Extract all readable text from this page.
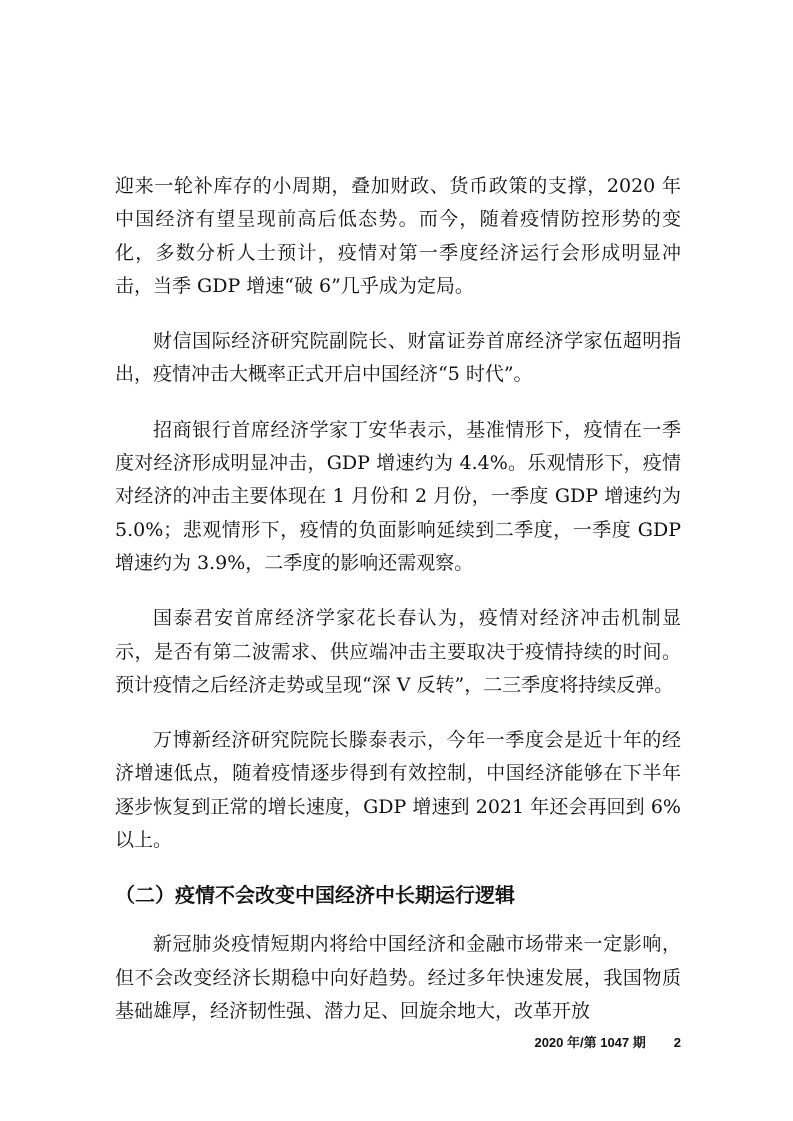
迎来一轮补库存的小周期，叠加财政、货币政策的支撑，2020 年中国经济有望呈现前高后低态势。而今，随着疫情防控形势的变化，多数分析人士预计，疫情对第一季度经济运行会形成明显冲击，当季 GDP 增速“破 6”几乎成为定局。

财信国际经济研究院副院长、财富证券首席经济学家伍超明指出，疫情冲击大概率正式开启中国经济“5 时代”。

招商银行首席经济学家丁安华表示，基准情形下，疫情在一季度对经济形成明显冲击，GDP 增速约为 4.4%。乐观情形下，疫情对经济的冲击主要体现在 1 月份和 2 月份，一季度 GDP 增速约为 5.0%；悲观情形下，疫情的负面影响延续到二季度，一季度 GDP 增速约为 3.9%，二季度的影响还需观察。

国泰君安首席经济学家花长春认为，疫情对经济冲击机制显示，是否有第二波需求、供应端冲击主要取决于疫情持续的时间。预计疫情之后经济走势或呈现“深 V 反转”，二三季度将持续反弹。

万博新经济研究院院长滕泰表示，今年一季度会是近十年的经济增速低点，随着疫情逐步得到有效控制，中国经济能够在下半年逐步恢复到正常的增长速度，GDP 增速到 2021 年还会再回到 6%以上。

（二）疫情不会改变中国经济中长期运行逻辑

新冠肺炎疫情短期内将给中国经济和金融市场带来一定影响，但不会改变经济长期稳中向好趋势。经过多年快速发展，我国物质基础雄厚，经济韧性强、潜力足、回旋余地大，改革开放

2020 年/第 1047 期 2
